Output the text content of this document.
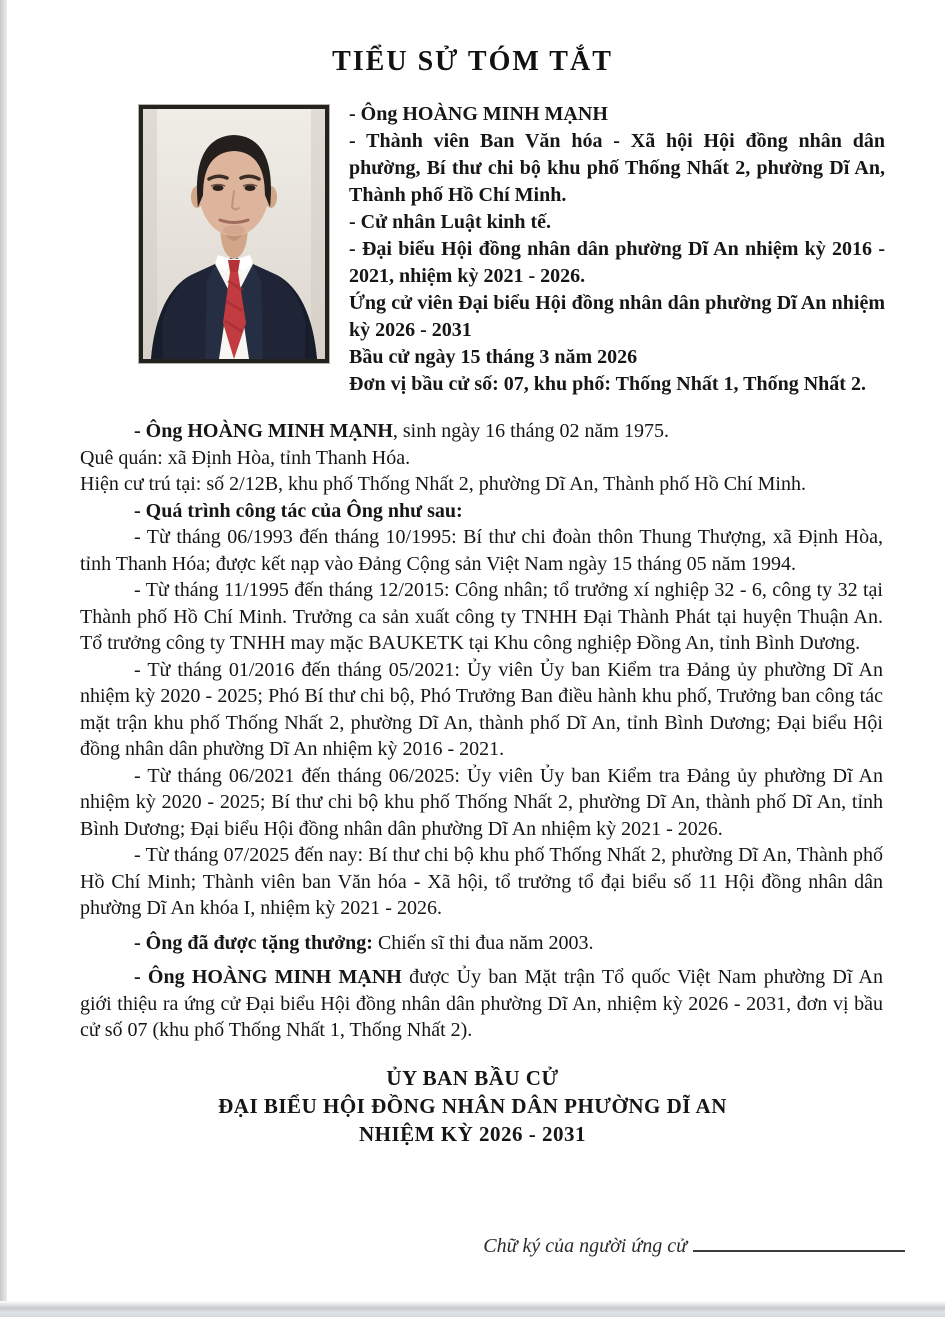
TIỂU SỬ TÓM TẮT

- Ông HOÀNG MINH MẠNH

- Thành viên Ban Văn hóa - Xã hội Hội đồng nhân dân phường, Bí thư chi bộ khu phố Thống Nhất 2, phường Dĩ An, Thành phố Hồ Chí Minh.

- Cử nhân Luật kinh tế.

- Đại biểu Hội đồng nhân dân phường Dĩ An nhiệm kỳ 2016 - 2021, nhiệm kỳ 2021 - 2026.

Ứng cử viên Đại biểu Hội đồng nhân dân phường Dĩ An nhiệm kỳ 2026 - 2031

Bầu cử ngày 15 tháng 3 năm 2026

Đơn vị bầu cử số: 07, khu phố: Thống Nhất 1, Thống Nhất 2.

- Ông HOÀNG MINH MẠNH, sinh ngày 16 tháng 02 năm 1975.

Quê quán: xã Định Hòa, tỉnh Thanh Hóa.

Hiện cư trú tại: số 2/12B, khu phố Thống Nhất 2, phường Dĩ An, Thành phố Hồ Chí Minh.

- Quá trình công tác của Ông như sau:

- Từ tháng 06/1993 đến tháng 10/1995: Bí thư chi đoàn thôn Thung Thượng, xã Định Hòa, tỉnh Thanh Hóa; được kết nạp vào Đảng Cộng sản Việt Nam ngày 15 tháng 05 năm 1994.

- Từ tháng 11/1995 đến tháng 12/2015: Công nhân; tổ trưởng xí nghiệp 32 - 6, công ty 32 tại Thành phố Hồ Chí Minh. Trưởng ca sản xuất công ty TNHH Đại Thành Phát tại huyện Thuận An. Tổ trưởng công ty TNHH may mặc BAUKETK tại Khu công nghiệp Đồng An, tỉnh Bình Dương.

- Từ tháng 01/2016 đến tháng 05/2021: Ủy viên Ủy ban Kiểm tra Đảng ủy phường Dĩ An nhiệm kỳ 2020 - 2025; Phó Bí thư chi bộ, Phó Trưởng Ban điều hành khu phố, Trưởng ban công tác mặt trận khu phố Thống Nhất 2, phường Dĩ An, thành phố Dĩ An, tỉnh Bình Dương; Đại biểu Hội đồng nhân dân phường Dĩ An nhiệm kỳ 2016 - 2021.

- Từ tháng 06/2021 đến tháng 06/2025: Ủy viên Ủy ban Kiểm tra Đảng ủy phường Dĩ An nhiệm kỳ 2020 - 2025; Bí thư chi bộ khu phố Thống Nhất 2, phường Dĩ An, thành phố Dĩ An, tỉnh Bình Dương; Đại biểu Hội đồng nhân dân phường Dĩ An nhiệm kỳ 2021 - 2026.

- Từ tháng 07/2025 đến nay: Bí thư chi bộ khu phố Thống Nhất 2, phường Dĩ An, Thành phố Hồ Chí Minh; Thành viên ban Văn hóa - Xã hội, tổ trưởng tổ đại biểu số 11 Hội đồng nhân dân phường Dĩ An khóa I, nhiệm kỳ 2021 - 2026.

- Ông đã được tặng thưởng: Chiến sĩ thi đua năm 2003.

- Ông HOÀNG MINH MẠNH được Ủy ban Mặt trận Tổ quốc Việt Nam phường Dĩ An giới thiệu ra ứng cử Đại biểu Hội đồng nhân dân phường Dĩ An, nhiệm kỳ 2026 - 2031, đơn vị bầu cử số 07 (khu phố Thống Nhất 1, Thống Nhất 2).

ỦY BAN BẦU CỬ

ĐẠI BIỂU HỘI ĐỒNG NHÂN DÂN PHƯỜNG DĨ AN

NHIỆM KỲ 2026 - 2031

Chữ ký của người ứng cử
